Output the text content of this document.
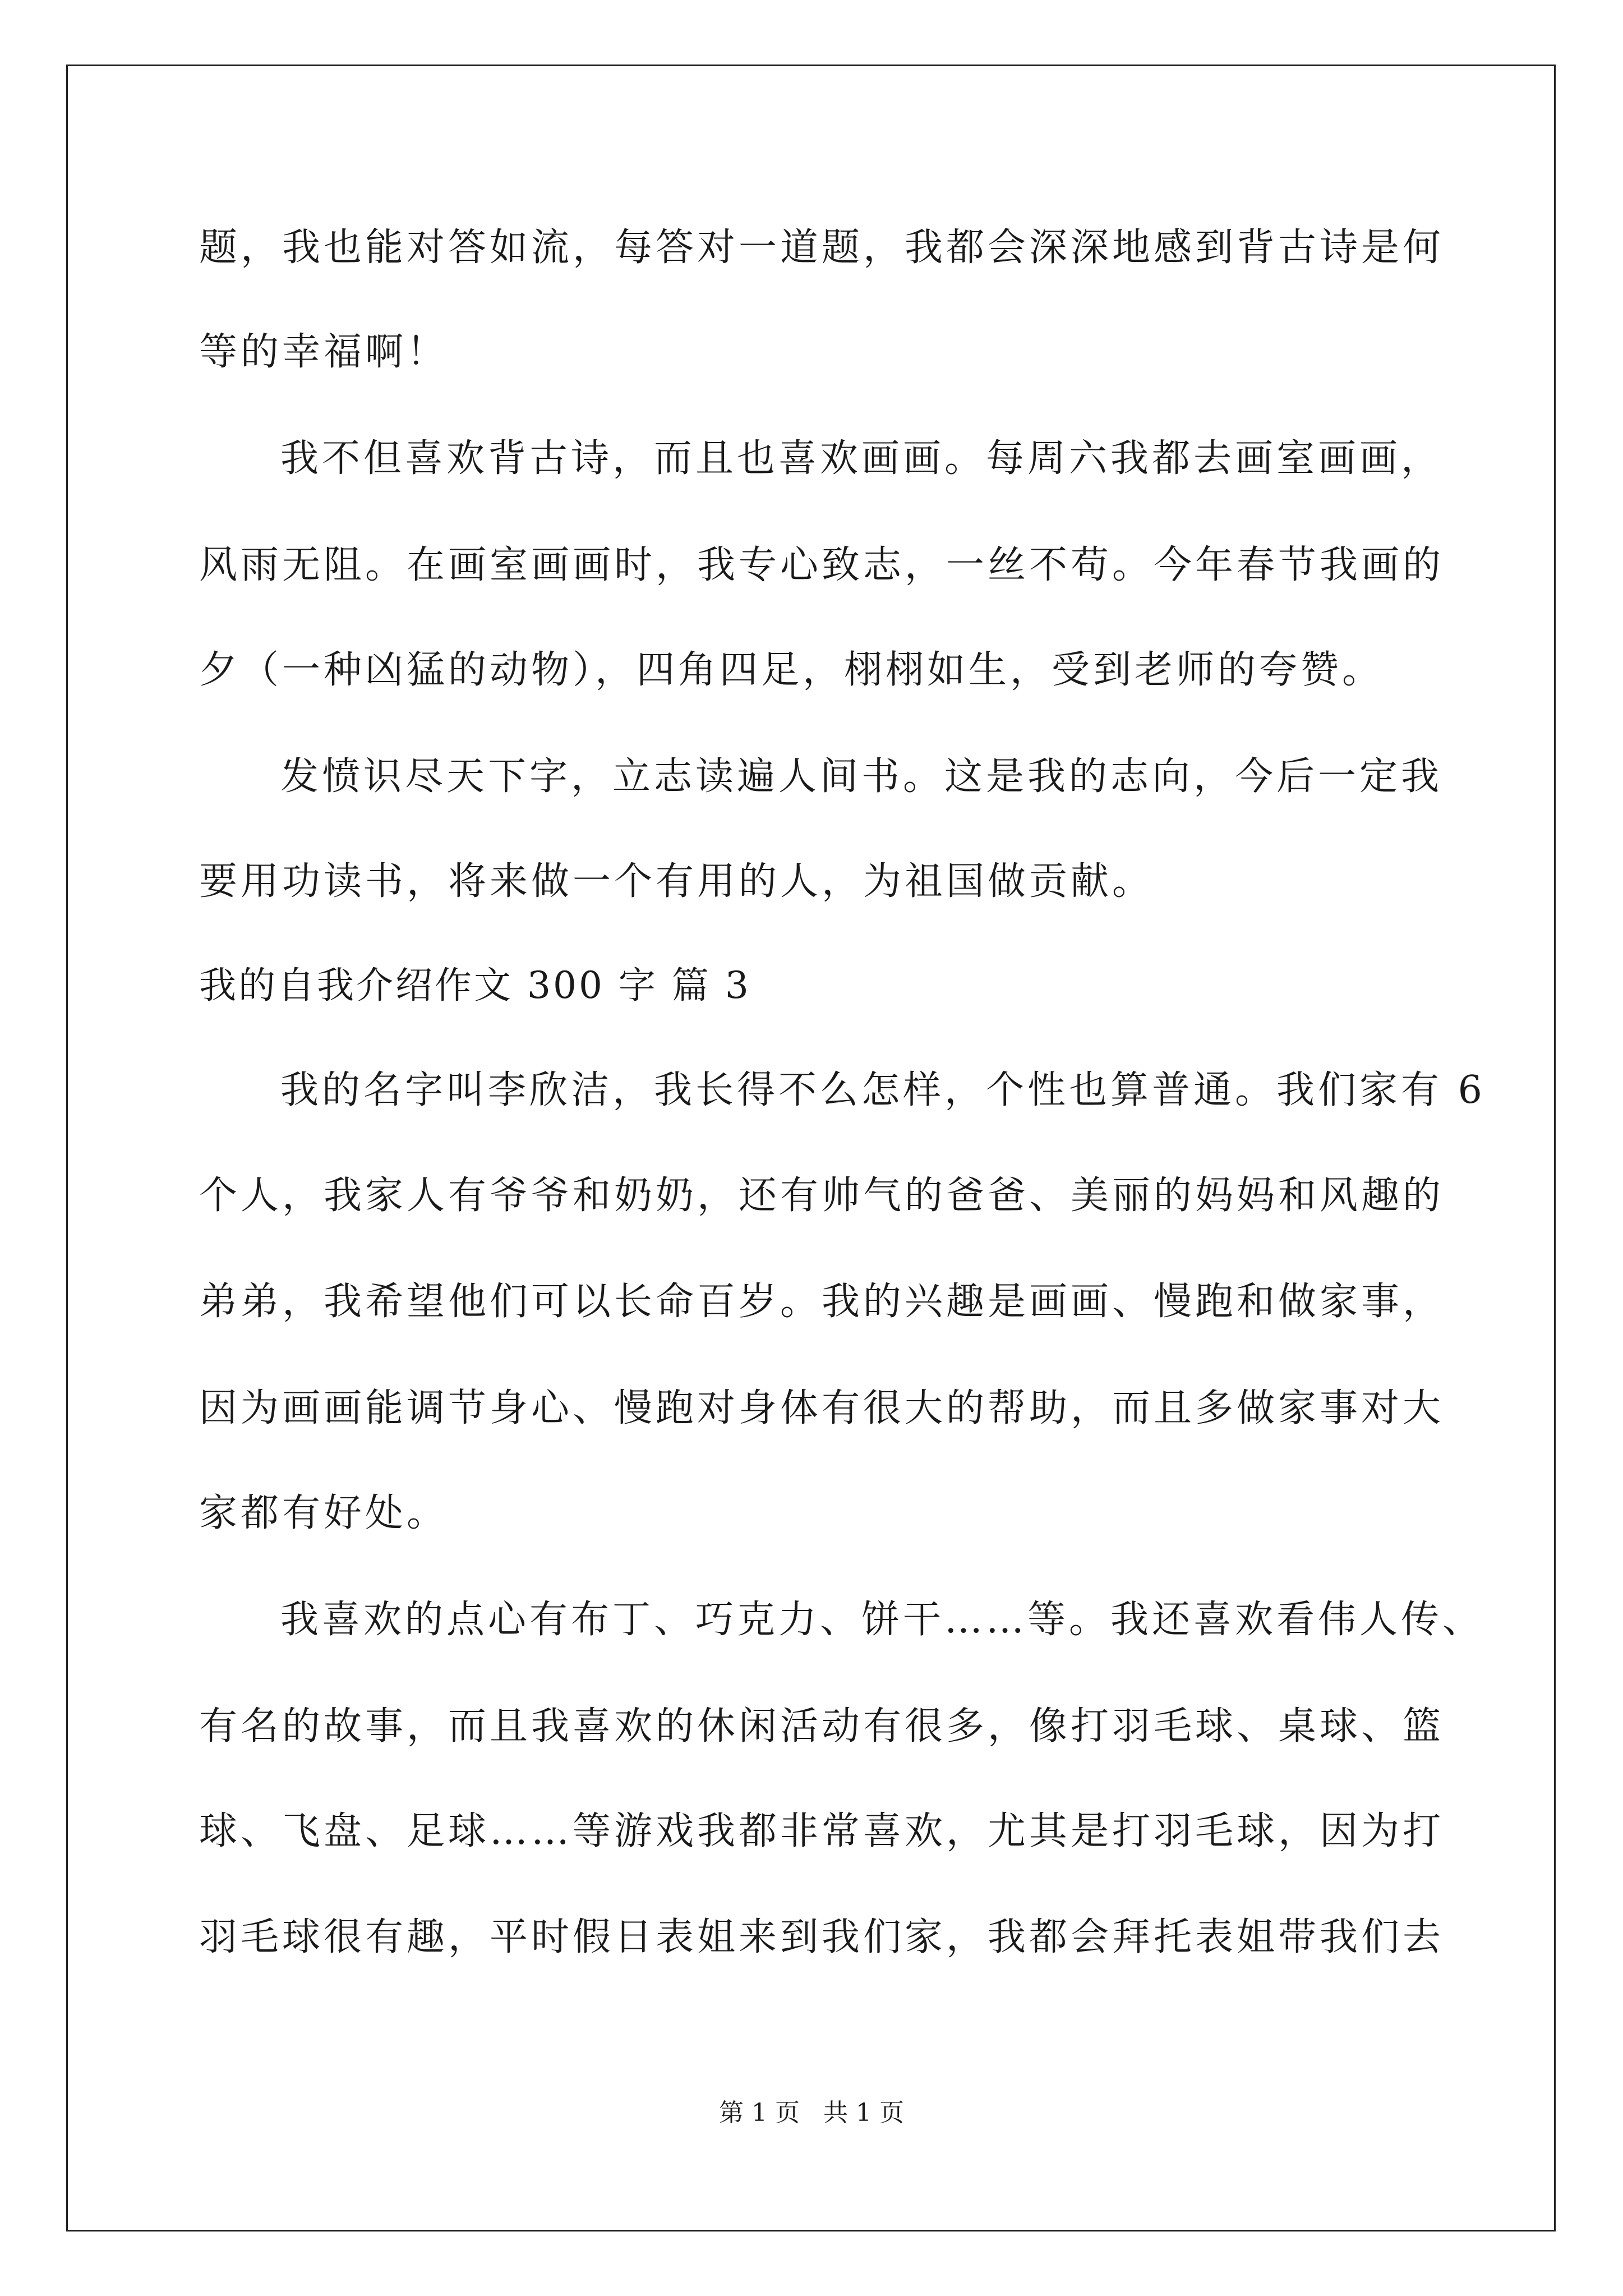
题，我也能对答如流，每答对一道题，我都会深深地感到背古诗是何
等的幸福啊！
我不但喜欢背古诗，而且也喜欢画画。每周六我都去画室画画，
风雨无阻。在画室画画时，我专心致志，一丝不苟。今年春节我画的
夕（一种凶猛的动物），四角四足，栩栩如生，受到老师的夸赞。
发愤识尽天下字，立志读遍人间书。这是我的志向，今后一定我
要用功读书，将来做一个有用的人，为祖国做贡献。
我的自我介绍作文 300 字 篇 3
我的名字叫李欣洁，我长得不么怎样，个性也算普通。我们家有 6
个人，我家人有爷爷和奶奶，还有帅气的爸爸、美丽的妈妈和风趣的
弟弟，我希望他们可以长命百岁。我的兴趣是画画、慢跑和做家事，
因为画画能调节身心、慢跑对身体有很大的帮助，而且多做家事对大
家都有好处。
我喜欢的点心有布丁、巧克力、饼干……等。我还喜欢看伟人传、
有名的故事，而且我喜欢的休闲活动有很多，像打羽毛球、桌球、篮
球、飞盘、足球……等游戏我都非常喜欢，尤其是打羽毛球，因为打
羽毛球很有趣，平时假日表姐来到我们家，我都会拜托表姐带我们去
第 1 页   共 1 页
